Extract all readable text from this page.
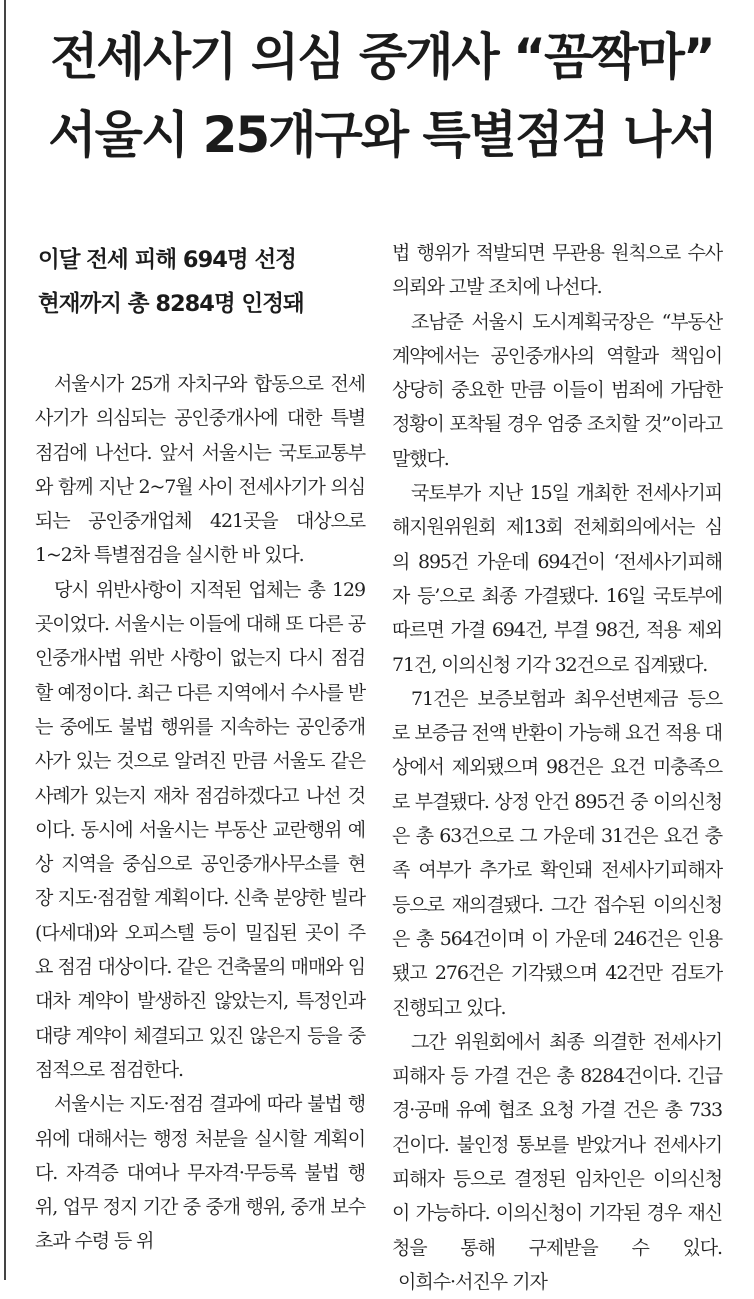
전세사기 의심 중개사 “꼼짝마”
서울시 25개구와 특별점검 나서
이달 전세 피해 694명 선정
현재까지 총 8284명 인정돼

서울시가 25개 자치구와 합동으로 전세사기가 의심되는 공인중개사에 대한 특별 점검에 나선다. 앞서 서울시는 국토교통부와 함께 지난 2~7월 사이 전세사기가 의심되는 공인중개업체 421곳을 대상으로 1~2차 특별점검을 실시한 바 있다.

당시 위반사항이 지적된 업체는 총 129곳이었다. 서울시는 이들에 대해 또 다른 공인중개사법 위반 사항이 없는지 다시 점검할 예정이다. 최근 다른 지역에서 수사를 받는 중에도 불법 행위를 지속하는 공인중개사가 있는 것으로 알려진 만큼 서울도 같은 사례가 있는지 재차 점검하겠다고 나선 것이다. 동시에 서울시는 부동산 교란행위 예상 지역을 중심으로 공인중개사무소를 현장 지도·점검할 계획이다. 신축 분양한 빌라(다세대)와 오피스텔 등이 밀집된 곳이 주요 점검 대상이다. 같은 건축물의 매매와 임대차 계약이 발생하진 않았는지, 특정인과 대량 계약이 체결되고 있진 않은지 등을 중점적으로 점검한다.

서울시는 지도·점검 결과에 따라 불법 행위에 대해서는 행정 처분을 실시할 계획이다. 자격증 대여나 무자격·무등록 불법 행위, 업무 정지 기간 중 중개 행위, 중개 보수 초과 수령 등 위

법 행위가 적발되면 무관용 원칙으로 수사 의뢰와 고발 조치에 나선다.

조남준 서울시 도시계획국장은 “부동산 계약에서는 공인중개사의 역할과 책임이 상당히 중요한 만큼 이들이 범죄에 가담한 정황이 포착될 경우 엄중 조치할 것”이라고 말했다.

국토부가 지난 15일 개최한 전세사기피해지원위원회 제13회 전체회의에서는 심의 895건 가운데 694건이 ‘전세사기피해자 등’으로 최종 가결됐다. 16일 국토부에 따르면 가결 694건, 부결 98건, 적용 제외 71건, 이의신청 기각 32건으로 집계됐다.

71건은 보증보험과 최우선변제금 등으로 보증금 전액 반환이 가능해 요건 적용 대상에서 제외됐으며 98건은 요건 미충족으로 부결됐다. 상정 안건 895건 중 이의신청은 총 63건으로 그 가운데 31건은 요건 충족 여부가 추가로 확인돼 전세사기피해자 등으로 재의결됐다. 그간 접수된 이의신청은 총 564건이며 이 가운데 246건은 인용됐고 276건은 기각됐으며 42건만 검토가 진행되고 있다.

그간 위원회에서 최종 의결한 전세사기피해자 등 가결 건은 총 8284건이다. 긴급 경·공매 유예 협조 요청 가결 건은 총 733건이다. 불인정 통보를 받았거나 전세사기피해자 등으로 결정된 임차인은 이의신청이 가능하다. 이의신청이 기각된 경우 재신청을 통해 구제받을 수 있다.이희수·서진우 기자
